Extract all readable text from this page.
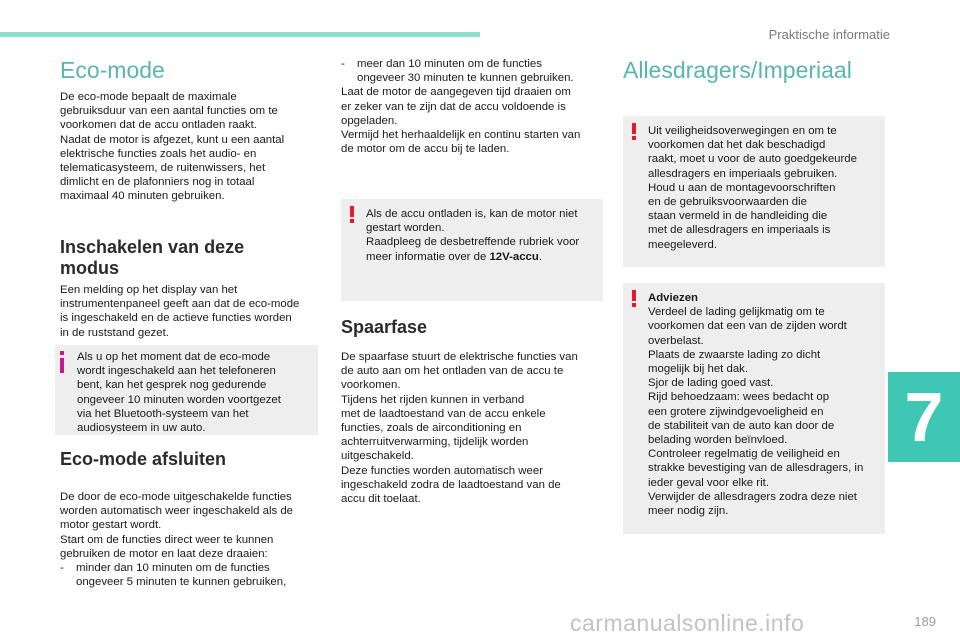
Praktische informatie
7
189
carmanualsonline.info
Eco-mode
De eco-mode bepaalt de maximale
gebruiksduur van een aantal functies om te
voorkomen dat de accu ontladen raakt.
Nadat de motor is afgezet, kunt u een aantal
elektrische functies zoals het audio- en
telematicasysteem, de ruitenwissers, het
dimlicht en de plafonniers nog in totaal
maximaal 40 minuten gebruiken.
Inschakelen van deze
modus
Een melding op het display van het
instrumentenpaneel geeft aan dat de eco-mode
is ingeschakeld en de actieve functies worden
in de ruststand gezet.
Als u op het moment dat de eco-mode
wordt ingeschakeld aan het telefoneren
bent, kan het gesprek nog gedurende
ongeveer 10 minuten worden voortgezet
via het Bluetooth-systeem van het
audiosysteem in uw auto.
Eco-mode afsluiten
De door de eco-mode uitgeschakelde functies
worden automatisch weer ingeschakeld als de
motor gestart wordt.
Start om de functies direct weer te kunnen
gebruiken de motor en laat deze draaien:
- minder dan 10 minuten om de functies
ongeveer 5 minuten te kunnen gebruiken,
- meer dan 10 minuten om de functies
ongeveer 30 minuten te kunnen gebruiken.
Laat de motor de aangegeven tijd draaien om
er zeker van te zijn dat de accu voldoende is
opgeladen.
Vermijd het herhaaldelijk en continu starten van
de motor om de accu bij te laden.
Als de accu ontladen is, kan de motor niet
gestart worden.
Raadpleeg de desbetreffende rubriek voor
meer informatie over de 12V-accu.
Spaarfase
De spaarfase stuurt de elektrische functies van
de auto aan om het ontladen van de accu te
voorkomen.
Tijdens het rijden kunnen in verband
met de laadtoestand van de accu enkele
functies, zoals de airconditioning en
achterruitverwarming, tijdelijk worden
uitgeschakeld.
Deze functies worden automatisch weer
ingeschakeld zodra de laadtoestand van de
accu dit toelaat.
Allesdragers/Imperiaal
Uit veiligheidsoverwegingen en om te
voorkomen dat het dak beschadigd
raakt, moet u voor de auto goedgekeurde
allesdragers en imperiaals gebruiken.
Houd u aan de montagevoorschriften
en de gebruiksvoorwaarden die
staan vermeld in de handleiding die
met de allesdragers en imperiaals is
meegeleverd.
Adviezen
Verdeel de lading gelijkmatig om te
voorkomen dat een van de zijden wordt
overbelast.
Plaats de zwaarste lading zo dicht
mogelijk bij het dak.
Sjor de lading goed vast.
Rijd behoedzaam: wees bedacht op
een grotere zijwindgevoeligheid en
de stabiliteit van de auto kan door de
belading worden beïnvloed.
Controleer regelmatig de veiligheid en
strakke bevestiging van de allesdragers, in
ieder geval voor elke rit.
Verwijder de allesdragers zodra deze niet
meer nodig zijn.
